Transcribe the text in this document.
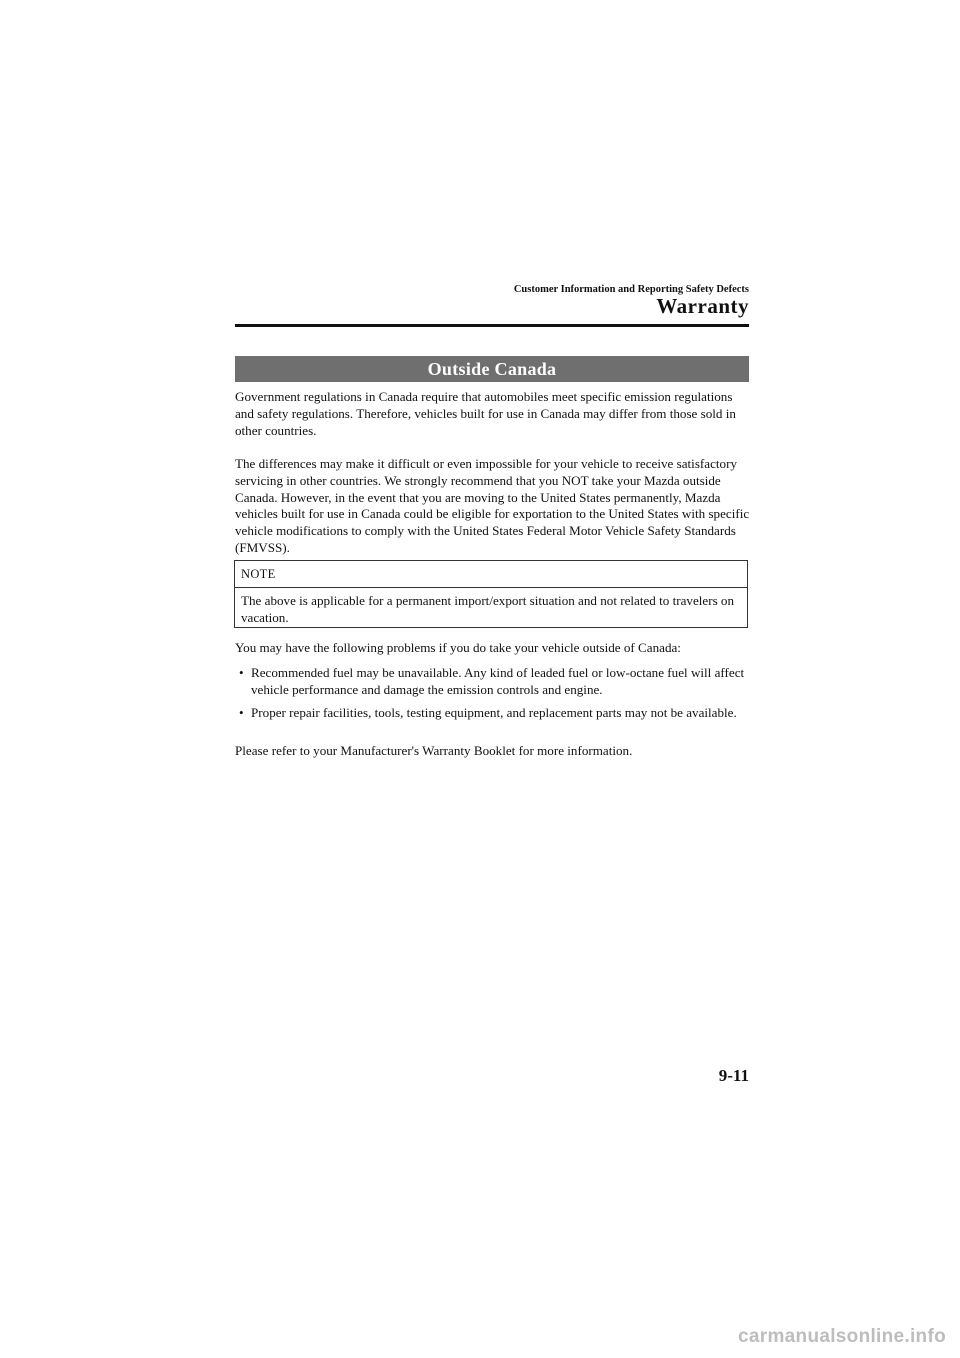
Customer Information and Reporting Safety Defects
Warranty
Outside Canada

Government regulations in Canada require that automobiles meet specific emission regulations and safety regulations. Therefore, vehicles built for use in Canada may differ from those sold in other countries.

The differences may make it difficult or even impossible for your vehicle to receive satisfactory servicing in other countries. We strongly recommend that you NOT take your Mazda outside Canada. However, in the event that you are moving to the United States permanently, Mazda vehicles built for use in Canada could be eligible for exportation to the United States with specific vehicle modifications to comply with the United States Federal Motor Vehicle Safety Standards (FMVSS).

NOTE

The above is applicable for a permanent import/export situation and not related to travelers on vacation.

You may have the following problems if you do take your vehicle outside of Canada:

• Recommended fuel may be unavailable. Any kind of leaded fuel or low-octane fuel will affect vehicle performance and damage the emission controls and engine.
• Proper repair facilities, tools, testing equipment, and replacement parts may not be available.

Please refer to your Manufacturer's Warranty Booklet for more information.

9-11
carmanualsonline.info
